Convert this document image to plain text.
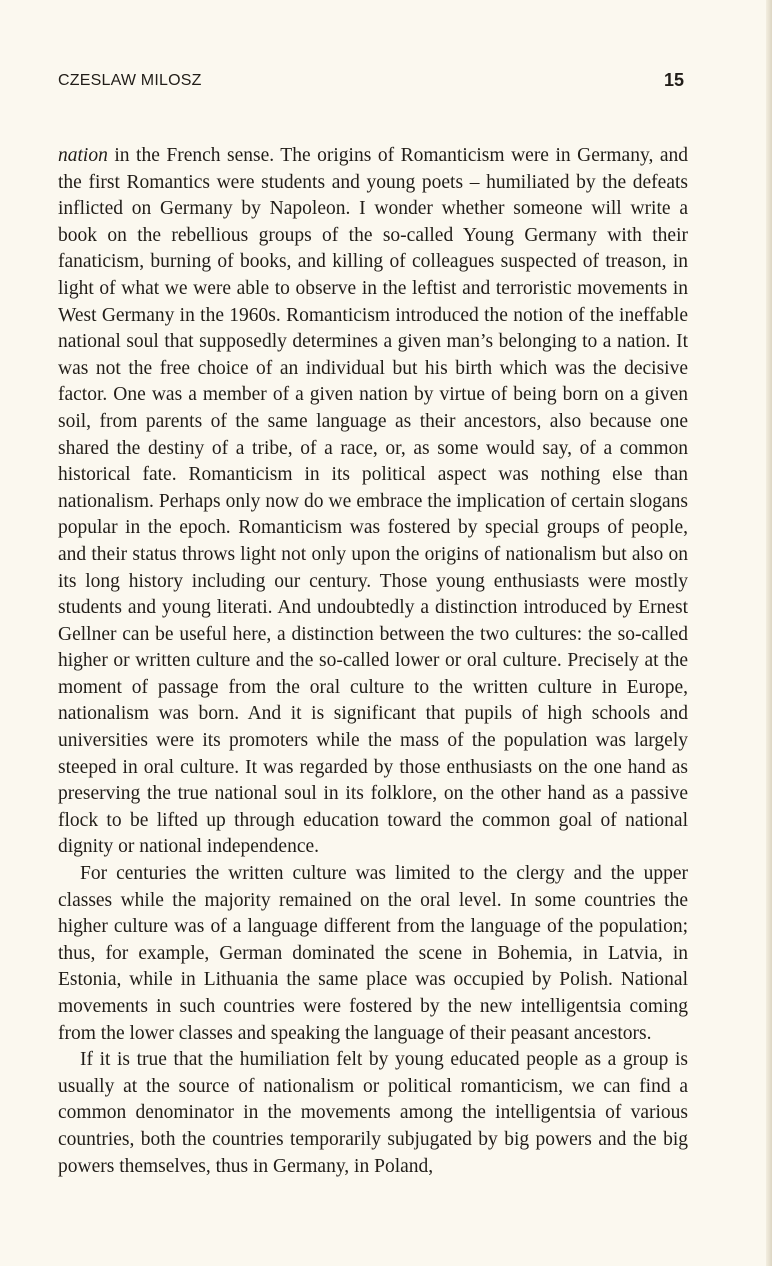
CZESLAW MILOSZ	15

nation in the French sense. The origins of Romanticism were in Germany, and the first Romantics were students and young poets – humiliated by the defeats inflicted on Germany by Napoleon. I wonder whether someone will write a book on the rebellious groups of the so-called Young Germany with their fanaticism, burning of books, and killing of colleagues suspected of treason, in light of what we were able to observe in the leftist and terroristic movements in West Germany in the 1960s. Romanticism introduced the notion of the ineffable national soul that supposedly determines a given man’s belonging to a nation. It was not the free choice of an individual but his birth which was the decisive factor. One was a member of a given nation by virtue of being born on a given soil, from parents of the same language as their ancestors, also because one shared the destiny of a tribe, of a race, or, as some would say, of a common historical fate. Romanticism in its political aspect was nothing else than nationalism. Perhaps only now do we embrace the implication of certain slogans popular in the epoch. Romanticism was fostered by special groups of people, and their status throws light not only upon the origins of nationalism but also on its long history including our century. Those young enthusiasts were mostly students and young literati. And undoubtedly a distinction introduced by Ernest Gellner can be useful here, a distinction between the two cultures: the so-called higher or written culture and the so-called lower or oral culture. Precisely at the moment of passage from the oral culture to the written culture in Europe, nationalism was born. And it is significant that pupils of high schools and universities were its promoters while the mass of the population was largely steeped in oral culture. It was regarded by those enthusiasts on the one hand as preserving the true national soul in its folklore, on the other hand as a passive flock to be lifted up through education toward the common goal of national dignity or national independence.

For centuries the written culture was limited to the clergy and the upper classes while the majority remained on the oral level. In some countries the higher culture was of a language different from the language of the population; thus, for example, German dominated the scene in Bohemia, in Latvia, in Estonia, while in Lithuania the same place was occupied by Polish. National movements in such countries were fostered by the new intelligentsia coming from the lower classes and speaking the language of their peasant ancestors.

If it is true that the humiliation felt by young educated people as a group is usually at the source of nationalism or political romanticism, we can find a common denominator in the movements among the intelligentsia of various countries, both the countries temporarily subjugated by big powers and the big powers themselves, thus in Germany, in Poland,
